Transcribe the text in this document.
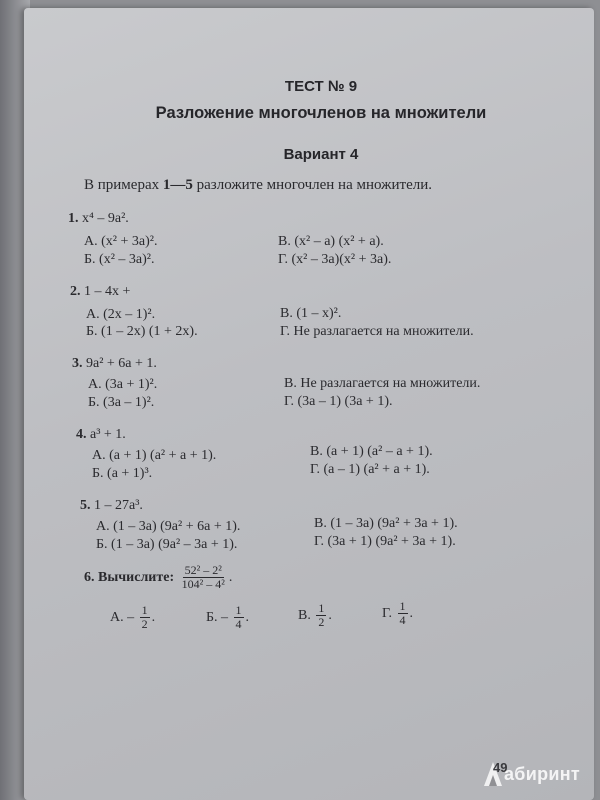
ТЕСТ № 9
Разложение многочленов на множители
Вариант 4
В примерах 1—5 разложите многочлен на множители.
1. x⁴ – 9a².
А. (x² + 3a)².	В. (x² – a) (x² + a).
Б. (x² – 3a)².	Г. (x² – 3a)(x² + 3a).
2. 1 – 4x +
А. (2x – 1)².	В. (1 – x)².
Б. (1 – 2x) (1 + 2x).	Г. Не разлагается на множители.
3. 9a² + 6a + 1.
А. (3a + 1)².	В. Не разлагается на множители.
Б. (3a – 1)².	Г. (3a – 1) (3a + 1).
4. a³ + 1.
А. (a + 1) (a² + a + 1).	В. (a + 1) (a² – a + 1).
Б. (a + 1)³.	Г. (a – 1) (a² + a + 1).
5. 1 – 27a³.
А. (1 – 3a) (9a² + 6a + 1).	В. (1 – 3a) (9a² + 3a + 1).
Б. (1 – 3a) (9a² – 3a + 1).	Г. (3a + 1) (9a² + 3a + 1).
6. Вычислите: $\frac{\text{52² – 2²}}{\text{104² – 4²}}$ .
А. – $\frac{1}{2}$ .	Б. – $\frac{1}{4}$ .	В. $\frac{1}{2}$ .	Г. $\frac{1}{4}$ .
49
абиринт
